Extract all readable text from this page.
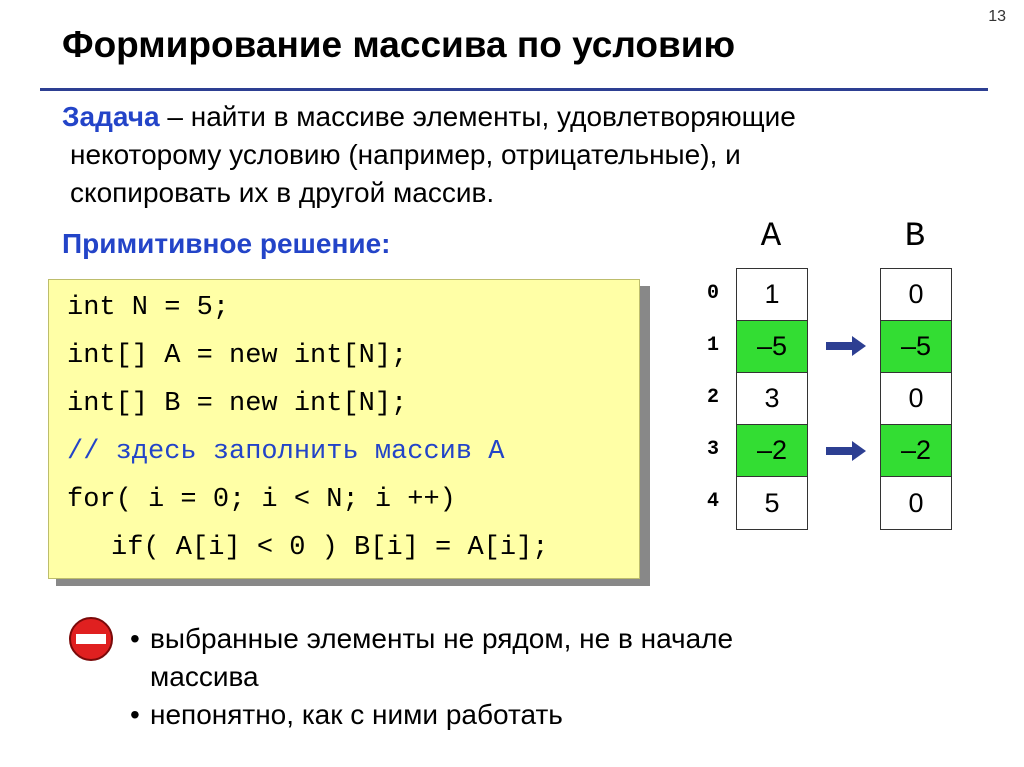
13
Формирование массива по условию
Задача – найти в массиве элементы, удовлетворяющие
некоторому условию (например, отрицательные), и
скопировать их в другой массив.
Примитивное решение:
int N = 5;
int[] A = new int[N];
int[] B = new int[N];
// здесь заполнить массив A
for( i = 0; i < N; i ++)
if( A[i] < 0 ) B[i] = A[i];
A	B
0
1
2
3
4
1
–5
3
–2
5
0
–5
0
–2
0
• выбранные элементы не рядом, не в начале
массива
• непонятно, как с ними работать
